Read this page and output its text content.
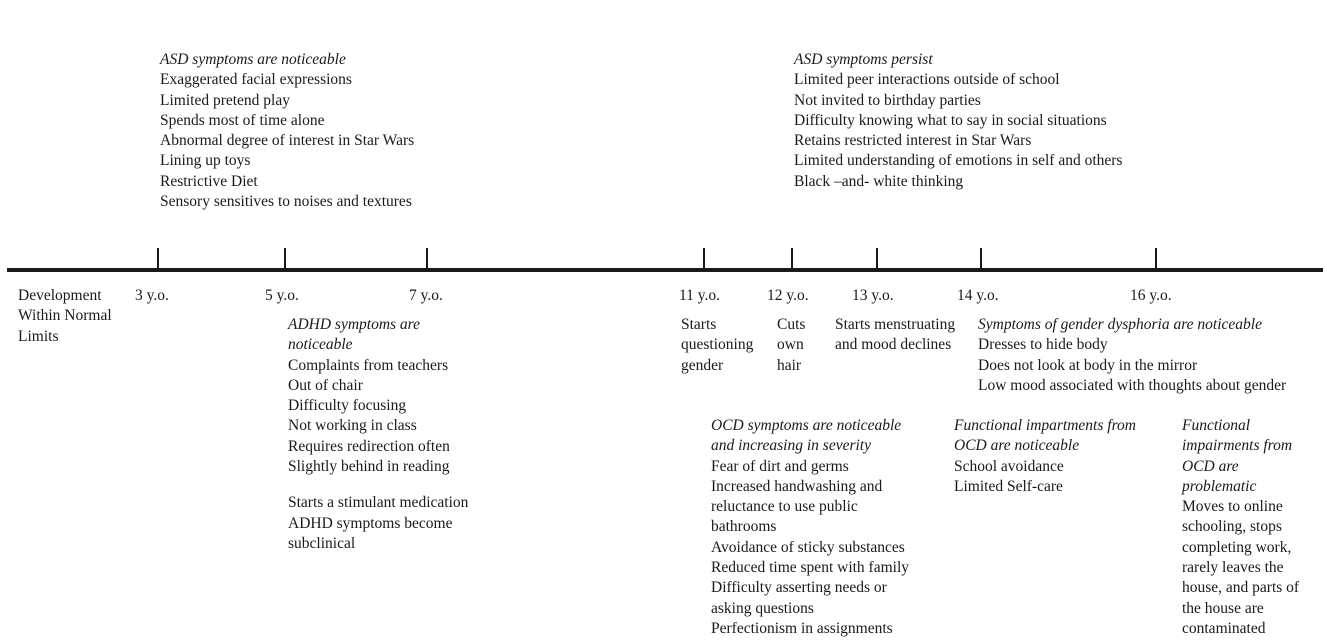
ASD symptoms are noticeable
Exaggerated facial expressions
Limited pretend play
Spends most of time alone
Abnormal degree of interest in Star Wars
Lining up toys
Restrictive Diet
Sensory sensitives to noises and textures
ASD symptoms persist
Limited peer interactions outside of school
Not invited to birthday parties
Difficulty knowing what to say in social situations
Retains restricted interest in Star Wars
Limited understanding of emotions in self and others
Black –and- white thinking
Development
Within Normal
Limits
3 y.o.	5 y.o.	7 y.o.	11 y.o.	12 y.o.	13 y.o.	14 y.o.	16 y.o.
ADHD symptoms are
noticeable
Complaints from teachers
Out of chair
Difficulty focusing
Not working in class
Requires redirection often
Slightly behind in reading
Starts a stimulant medication
ADHD symptoms become
subclinical
Starts
questioning
gender
Cuts
own
hair
Starts menstruating
and mood declines
Symptoms of gender dysphoria are noticeable
Dresses to hide body
Does not look at body in the mirror
Low mood associated with thoughts about gender
OCD symptoms are noticeable
and increasing in severity
Fear of dirt and germs
Increased handwashing and
reluctance to use public
bathrooms
Avoidance of sticky substances
Reduced time spent with family
Difficulty asserting needs or
asking questions
Perfectionism in assignments
Functional impartments from
OCD are noticeable
School avoidance
Limited Self-care
Functional
impairments from
OCD are
problematic
Moves to online
schooling, stops
completing work,
rarely leaves the
house, and parts of
the house are
contaminated
